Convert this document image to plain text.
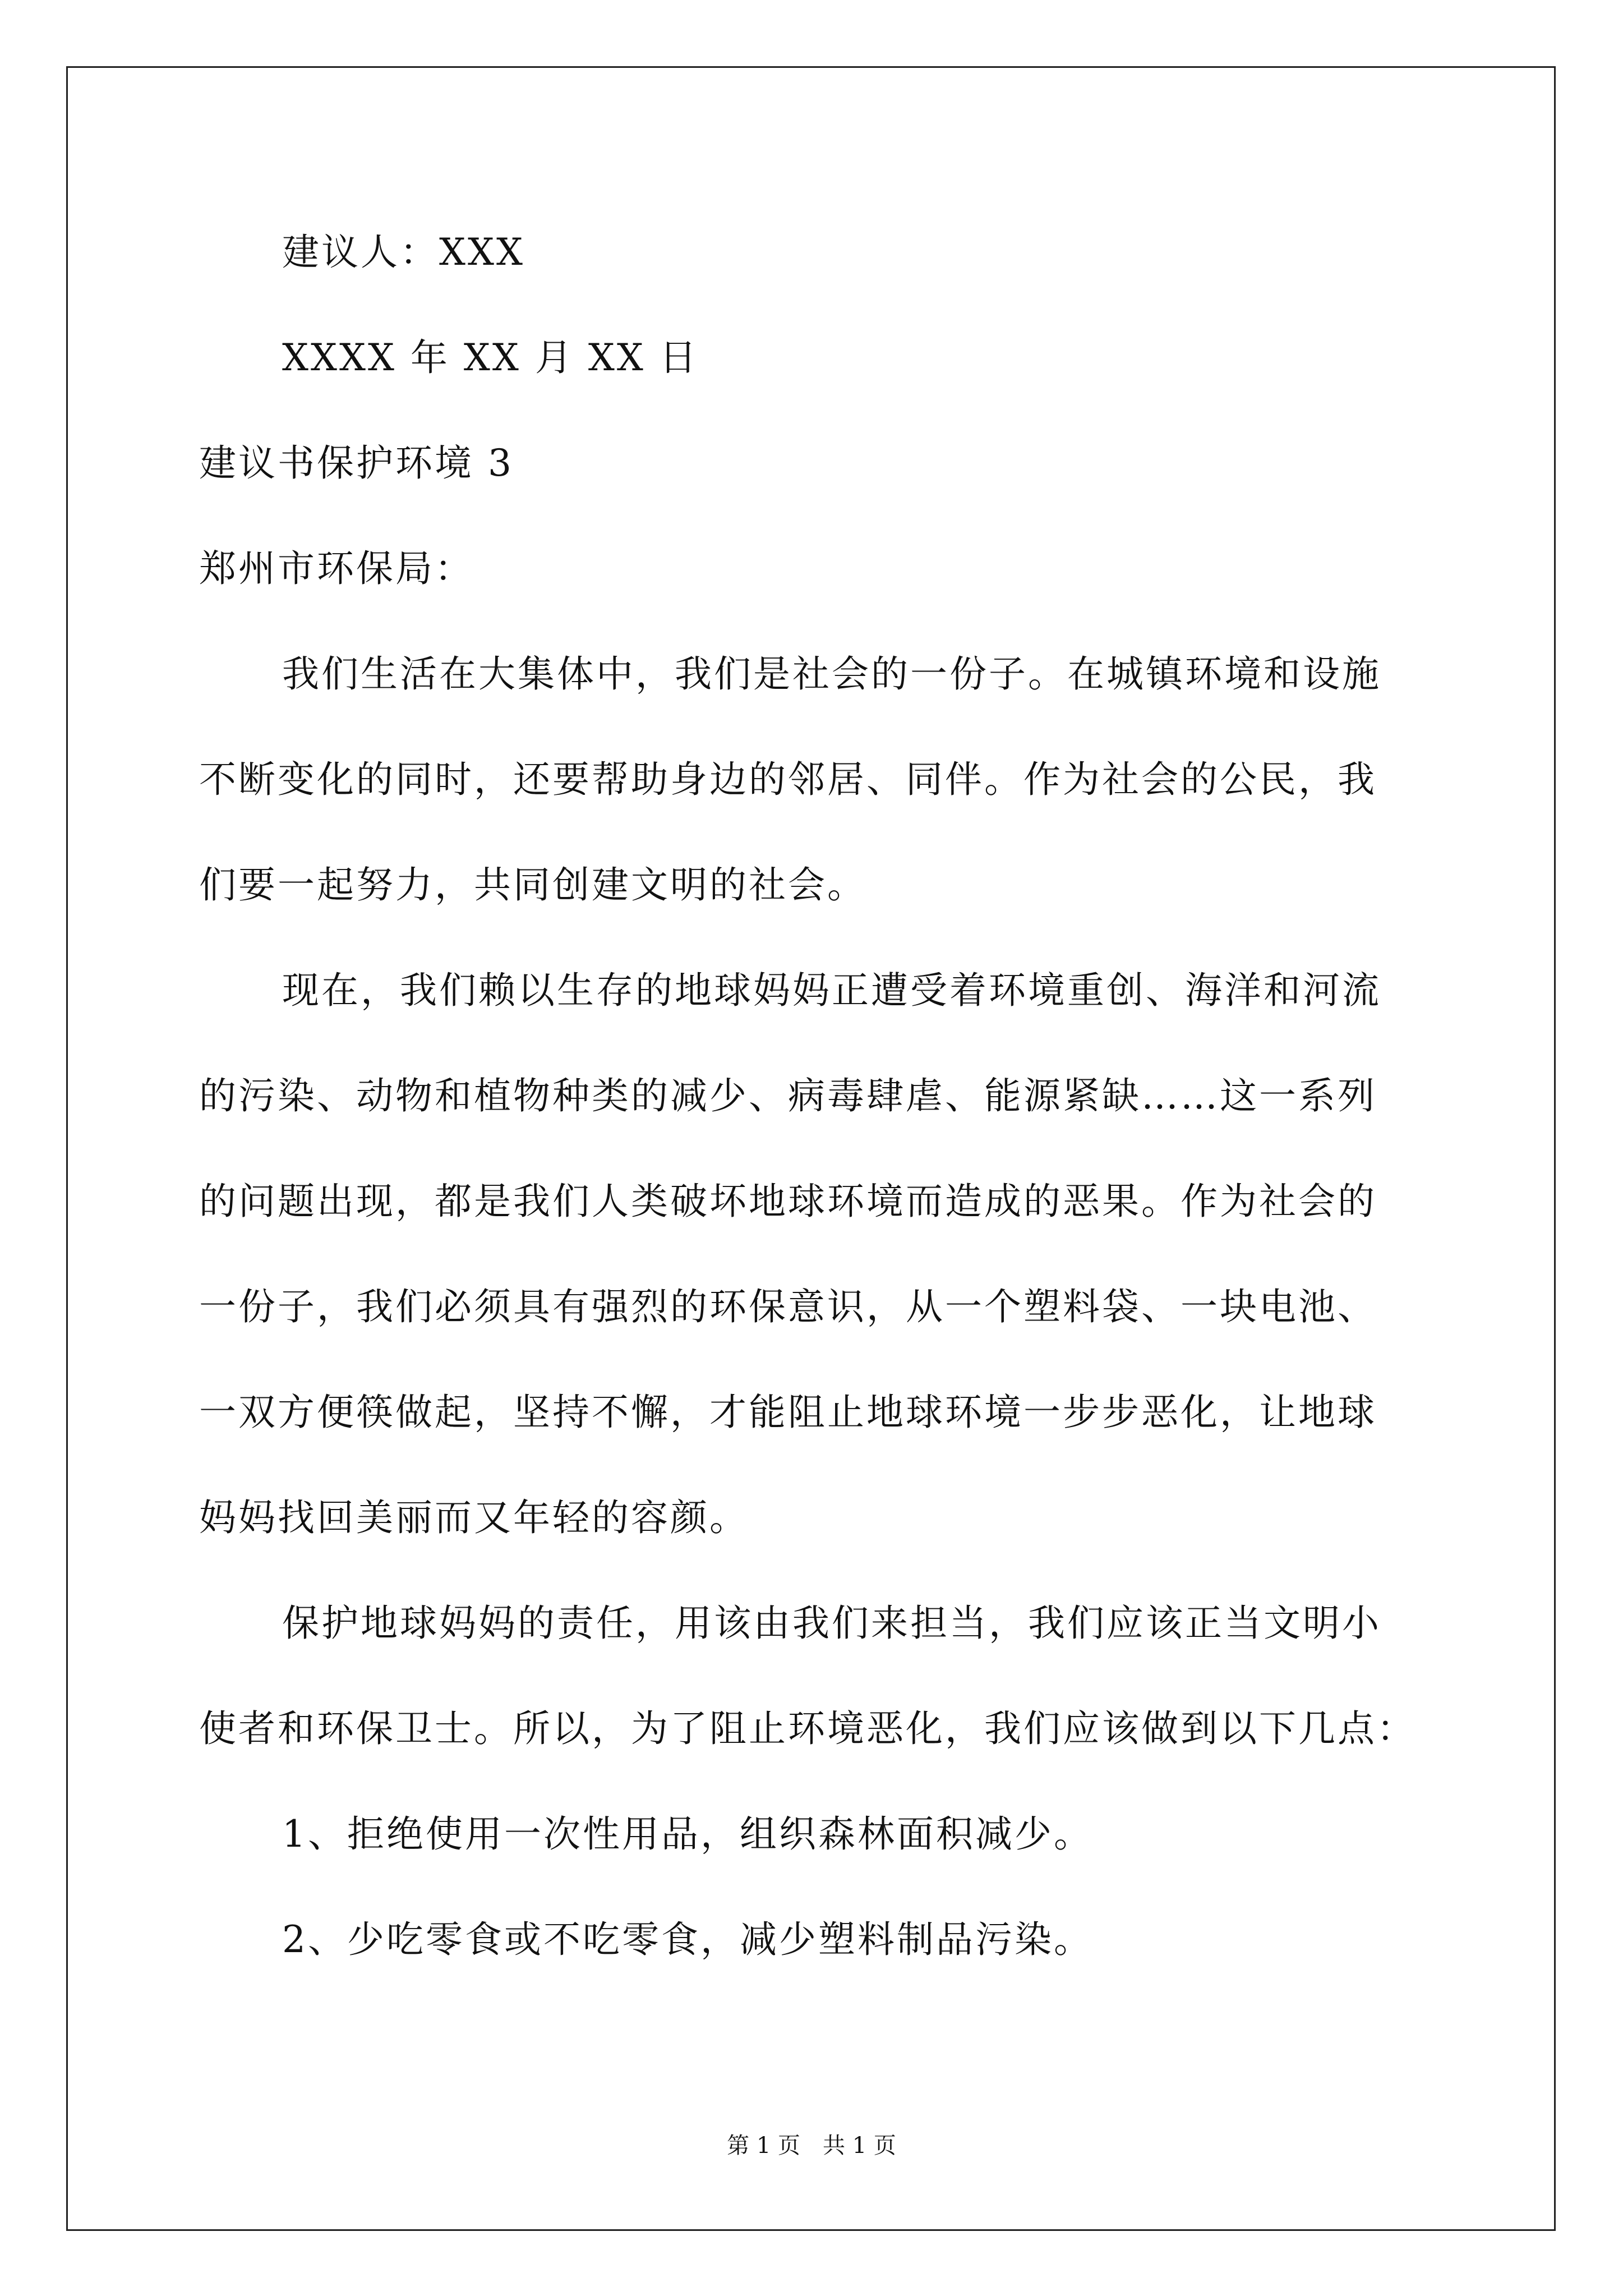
建议人：XXX
XXXX 年 XX 月 XX 日
建议书保护环境 3
郑州市环保局：
我们生活在大集体中，我们是社会的一份子。在城镇环境和设施
不断变化的同时，还要帮助身边的邻居、同伴。作为社会的公民，我
们要一起努力，共同创建文明的社会。
现在，我们赖以生存的地球妈妈正遭受着环境重创、海洋和河流
的污染、动物和植物种类的减少、病毒肆虐、能源紧缺……这一系列
的问题出现，都是我们人类破坏地球环境而造成的恶果。作为社会的
一份子，我们必须具有强烈的环保意识，从一个塑料袋、一块电池、
一双方便筷做起，坚持不懈，才能阻止地球环境一步步恶化，让地球
妈妈找回美丽而又年轻的容颜。
保护地球妈妈的责任，用该由我们来担当，我们应该正当文明小
使者和环保卫士。所以，为了阻止环境恶化，我们应该做到以下几点：
1、拒绝使用一次性用品，组织森林面积减少。
2、少吃零食或不吃零食，减少塑料制品污染。
第 1 页　共 1 页
